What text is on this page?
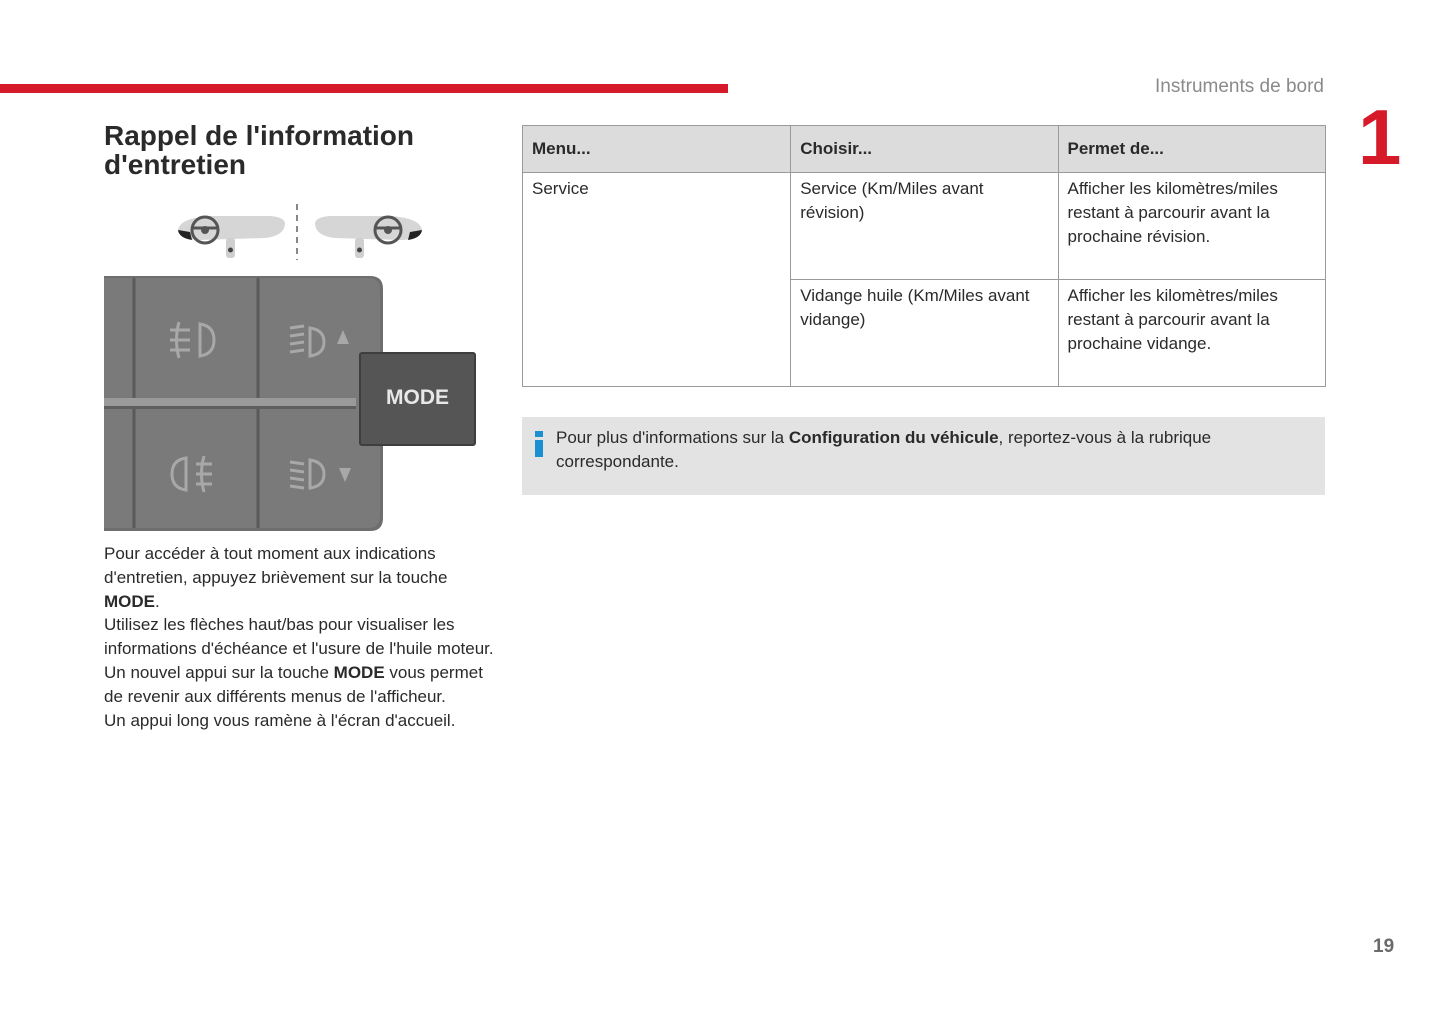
Instruments de bord
1
Rappel de l'information d'entretien
MODE

Pour accéder à tout moment aux indications d'entretien, appuyez brièvement sur la touche MODE.

Utilisez les flèches haut/bas pour visualiser les informations d'échéance et l'usure de l'huile moteur.

Un nouvel appui sur la touche MODE vous permet de revenir aux différents menus de l'afficheur.

Un appui long vous ramène à l'écran d'accueil.

Menu...	Choisir...	Permet de...
Service	Service (Km/Miles avant révision)	Afficher les kilomètres/miles restant à parcourir avant la prochaine révision.
	Vidange huile (Km/Miles avant vidange)	Afficher les kilomètres/miles restant à parcourir avant la prochaine vidange.
Pour plus d'informations sur la Configuration du véhicule, reportez-vous à la rubrique correspondante.
19
